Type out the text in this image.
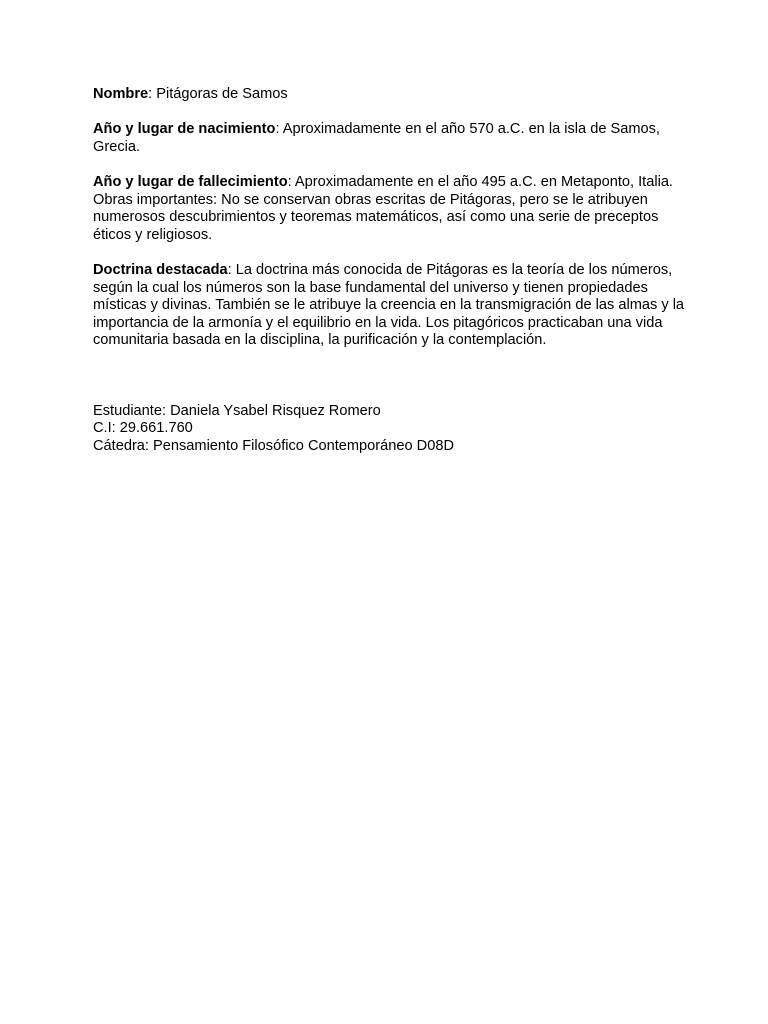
Nombre: Pitágoras de Samos

Año y lugar de nacimiento: Aproximadamente en el año 570 a.C. en la isla de Samos, Grecia.

Año y lugar de fallecimiento: Aproximadamente en el año 495 a.C. en Metaponto, Italia.

Obras importantes: No se conservan obras escritas de Pitágoras, pero se le atribuyen numerosos descubrimientos y teoremas matemáticos, así como una serie de preceptos éticos y religiosos.

Doctrina destacada: La doctrina más conocida de Pitágoras es la teoría de los números, según la cual los números son la base fundamental del universo y tienen propiedades místicas y divinas. También se le atribuye la creencia en la transmigración de las almas y la importancia de la armonía y el equilibrio en la vida. Los pitagóricos practicaban una vida comunitaria basada en la disciplina, la purificación y la contemplación.

Estudiante: Daniela Ysabel Risquez Romero

C.I: 29.661.760

Cátedra: Pensamiento Filosófico Contemporáneo D08D
